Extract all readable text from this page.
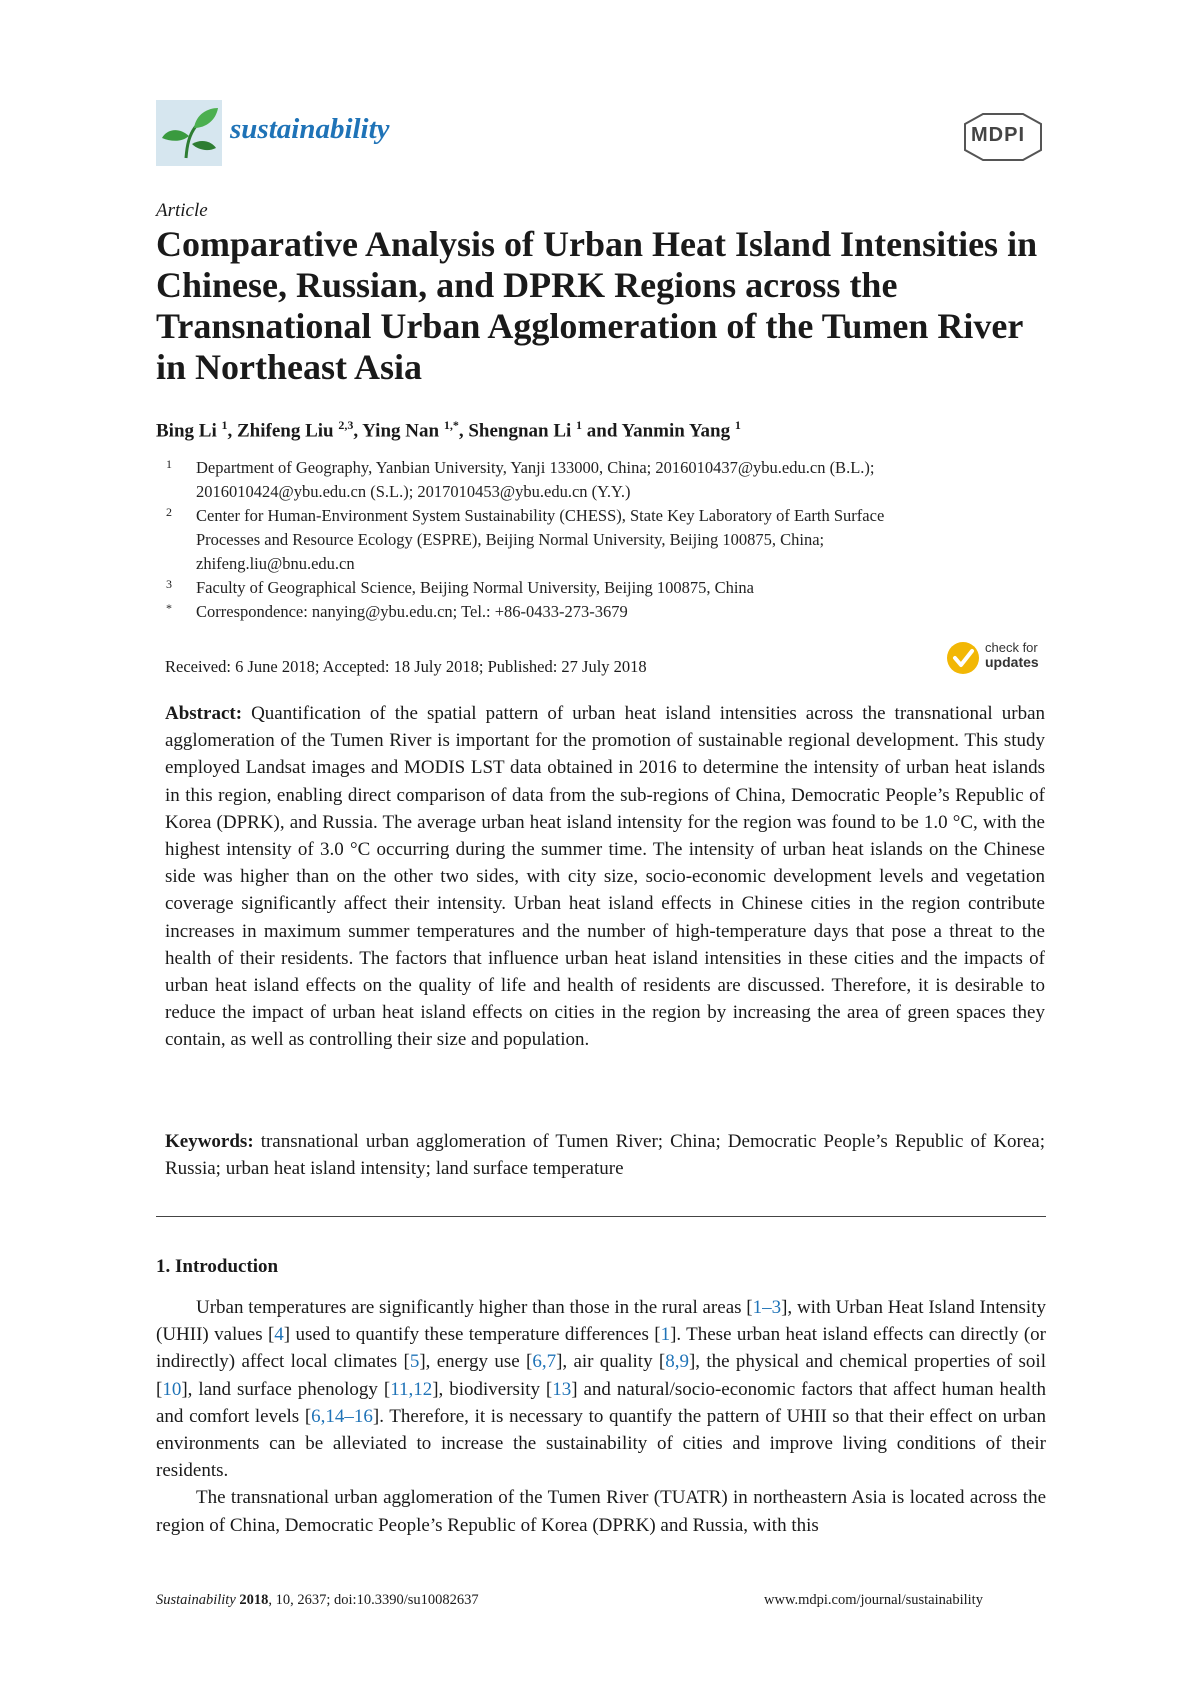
sustainability	MDPI
Article
Comparative Analysis of Urban Heat Island Intensities in Chinese, Russian, and DPRK Regions across the Transnational Urban Agglomeration of the Tumen River in Northeast Asia
Bing Li $^1$, Zhifeng Liu $^{2,3}$, Ying Nan $^{1,*}$, Shengnan Li $^1$ and Yanmin Yang $^1$
1 Department of Geography, Yanbian University, Yanji 133000, China; 2016010437@ybu.edu.cn (B.L.);
2016010424@ybu.edu.cn (S.L.); 2017010453@ybu.edu.cn (Y.Y.)
2 Center for Human-Environment System Sustainability (CHESS), State Key Laboratory of Earth Surface
Processes and Resource Ecology (ESPRE), Beijing Normal University, Beijing 100875, China;
zhifeng.liu@bnu.edu.cn
3 Faculty of Geographical Science, Beijing Normal University, Beijing 100875, China
* Correspondence: nanying@ybu.edu.cn; Tel.: +86-0433-273-3679
Received: 6 June 2018; Accepted: 18 July 2018; Published: 27 July 2018
check for
updates
Abstract: Quantification of the spatial pattern of urban heat island intensities across the transnational urban agglomeration of the Tumen River is important for the promotion of sustainable regional development. This study employed Landsat images and MODIS LST data obtained in 2016 to determine the intensity of urban heat islands in this region, enabling direct comparison of data from the sub-regions of China, Democratic People’s Republic of Korea (DPRK), and Russia. The average urban heat island intensity for the region was found to be 1.0 °C, with the highest intensity of 3.0 °C occurring during the summer time. The intensity of urban heat islands on the Chinese side was higher than on the other two sides, with city size, socio-economic development levels and vegetation coverage significantly affect their intensity. Urban heat island effects in Chinese cities in the region contribute increases in maximum summer temperatures and the number of high-temperature days that pose a threat to the health of their residents. The factors that influence urban heat island intensities in these cities and the impacts of urban heat island effects on the quality of life and health of residents are discussed. Therefore, it is desirable to reduce the impact of urban heat island effects on cities in the region by increasing the area of green spaces they contain, as well as controlling their size and population.
Keywords: transnational urban agglomeration of Tumen River; China; Democratic People’s Republic of Korea; Russia; urban heat island intensity; land surface temperature
1. Introduction
Urban temperatures are significantly higher than those in the rural areas [1–3], with Urban Heat Island Intensity (UHII) values [4] used to quantify these temperature differences [1]. These urban heat island effects can directly (or indirectly) affect local climates [5], energy use [6,7], air quality [8,9], the physical and chemical properties of soil [10], land surface phenology [11,12], biodiversity [13] and natural/socio-economic factors that affect human health and comfort levels [6,14–16]. Therefore, it is necessary to quantify the pattern of UHII so that their effect on urban environments can be alleviated to increase the sustainability of cities and improve living conditions of their residents.
The transnational urban agglomeration of the Tumen River (TUATR) in northeastern Asia is located across the region of China, Democratic People’s Republic of Korea (DPRK) and Russia, with this
Sustainability 2018, 10, 2637; doi:10.3390/su10082637	www.mdpi.com/journal/sustainability
